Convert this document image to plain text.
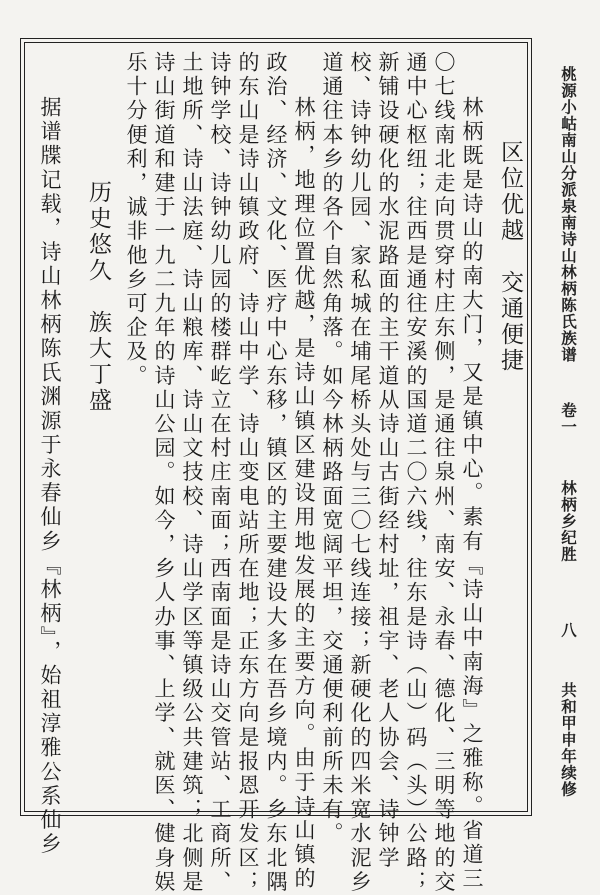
桃源小岵南山分派泉南诗山林柄陈氏族谱
卷一
林柄乡纪胜
八
共和甲申年续修
区位优越　交通便捷
林柄既是诗山的南大门，又是镇中心。素有『诗山中南海』之雅称。省道三
〇七线南北走向贯穿村庄东侧，是通往泉州、南安、永春、德化、三明等地的交
通中心枢纽；往西是通往安溪的国道二〇六线，往东是诗（山）码（头）公路；
新铺设硬化的水泥路面的主干道从诗山古街经村址，祖宇、老人协会、诗钟学
校、诗钟幼儿园、家私城在埔尾桥头处与三〇七线连接；新硬化的四米宽水泥乡
道通往本乡的各个自然角落。如今林柄路面宽阔平坦，交通便利前所未有。
林柄，地理位置优越，是诗山镇区建设用地发展的主要方向。由于诗山镇的
政治、经济、文化、医疗中心东移，镇区的主要建设大多在吾乡境内。乡东北隅
的东山是诗山镇政府、诗山中学、诗山变电站所在地；正东方向是报恩开发区；
诗钟学校、诗钟幼儿园的楼群屹立在村庄南面；西南面是诗山交管站、工商所、
土地所、诗山法庭、诗山粮库、诗山文技校、诗山学区等镇级公共建筑；北侧是
诗山街道和建于一九二九年的诗山公园。如今，乡人办事、上学、就医、健身娱
乐十分便利，诚非他乡可企及。
历史悠久　族大丁盛
据谱牒记载，诗山林柄陈氏渊源于永春仙乡『林柄』，始祖淳雅公系仙乡
